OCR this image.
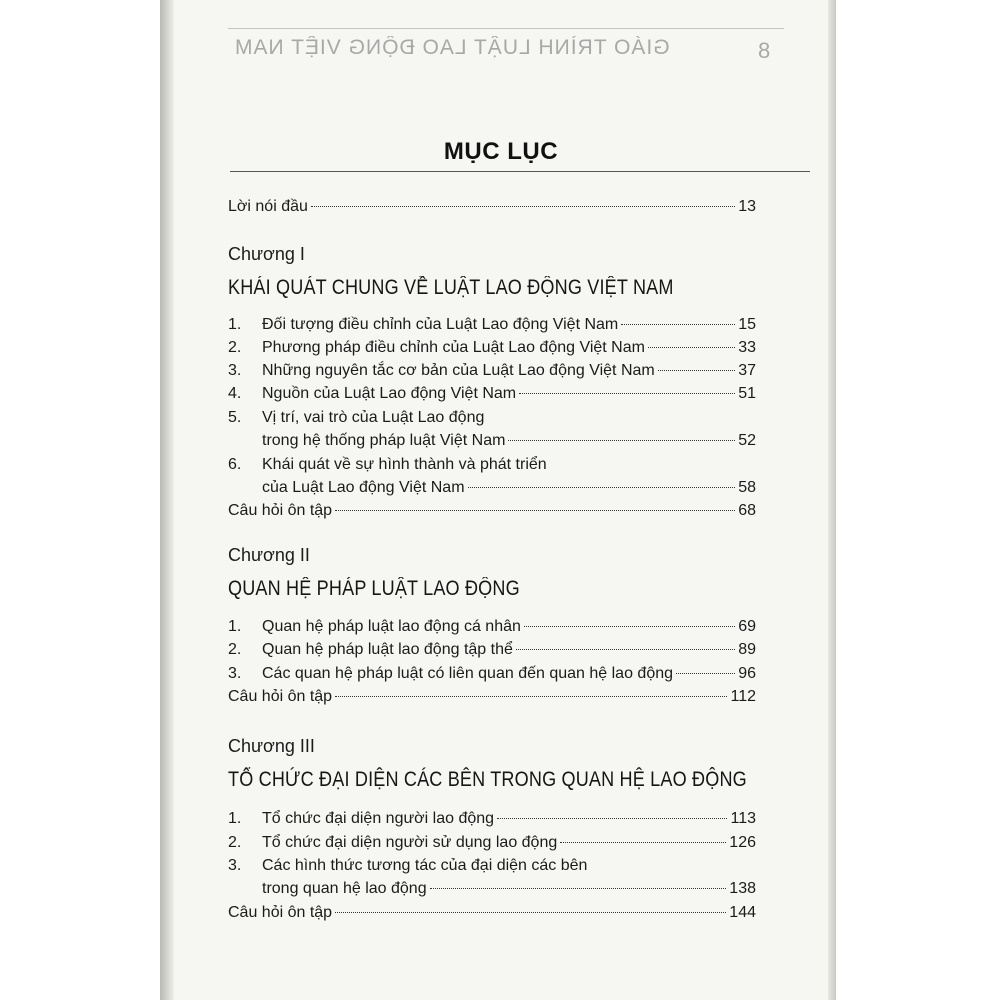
GIÁO TRÌNH LUẬT LAO ĐỘNG VIỆT NAM	8
MỤC LỤC
Lời nói đầu	13
Chương I
KHÁI QUÁT CHUNG VỀ LUẬT LAO ĐỘNG VIỆT NAM
1.	Đối tượng điều chỉnh của Luật Lao động Việt Nam	15
2.	Phương pháp điều chỉnh của Luật Lao động Việt Nam	33
3.	Những nguyên tắc cơ bản của Luật Lao động Việt Nam	37
4.	Nguồn của Luật Lao động Việt Nam	51
5. Vị trí, vai trò của Luật Lao động
trong hệ thống pháp luật Việt Nam	52
6. Khái quát về sự hình thành và phát triển
của Luật Lao động Việt Nam	58
Câu hỏi ôn tập	68
Chương II
QUAN HỆ PHÁP LUẬT LAO ĐỘNG
1.	Quan hệ pháp luật lao động cá nhân	69
2.	Quan hệ pháp luật lao động tập thể	89
3.	Các quan hệ pháp luật có liên quan đến quan hệ lao động	96
Câu hỏi ôn tập	112
Chương III
TỔ CHỨC ĐẠI DIỆN CÁC BÊN TRONG QUAN HỆ LAO ĐỘNG
1.	Tổ chức đại diện người lao động	113
2.	Tổ chức đại diện người sử dụng lao động	126
3. Các hình thức tương tác của đại diện các bên
trong quan hệ lao động	138
Câu hỏi ôn tập	144
